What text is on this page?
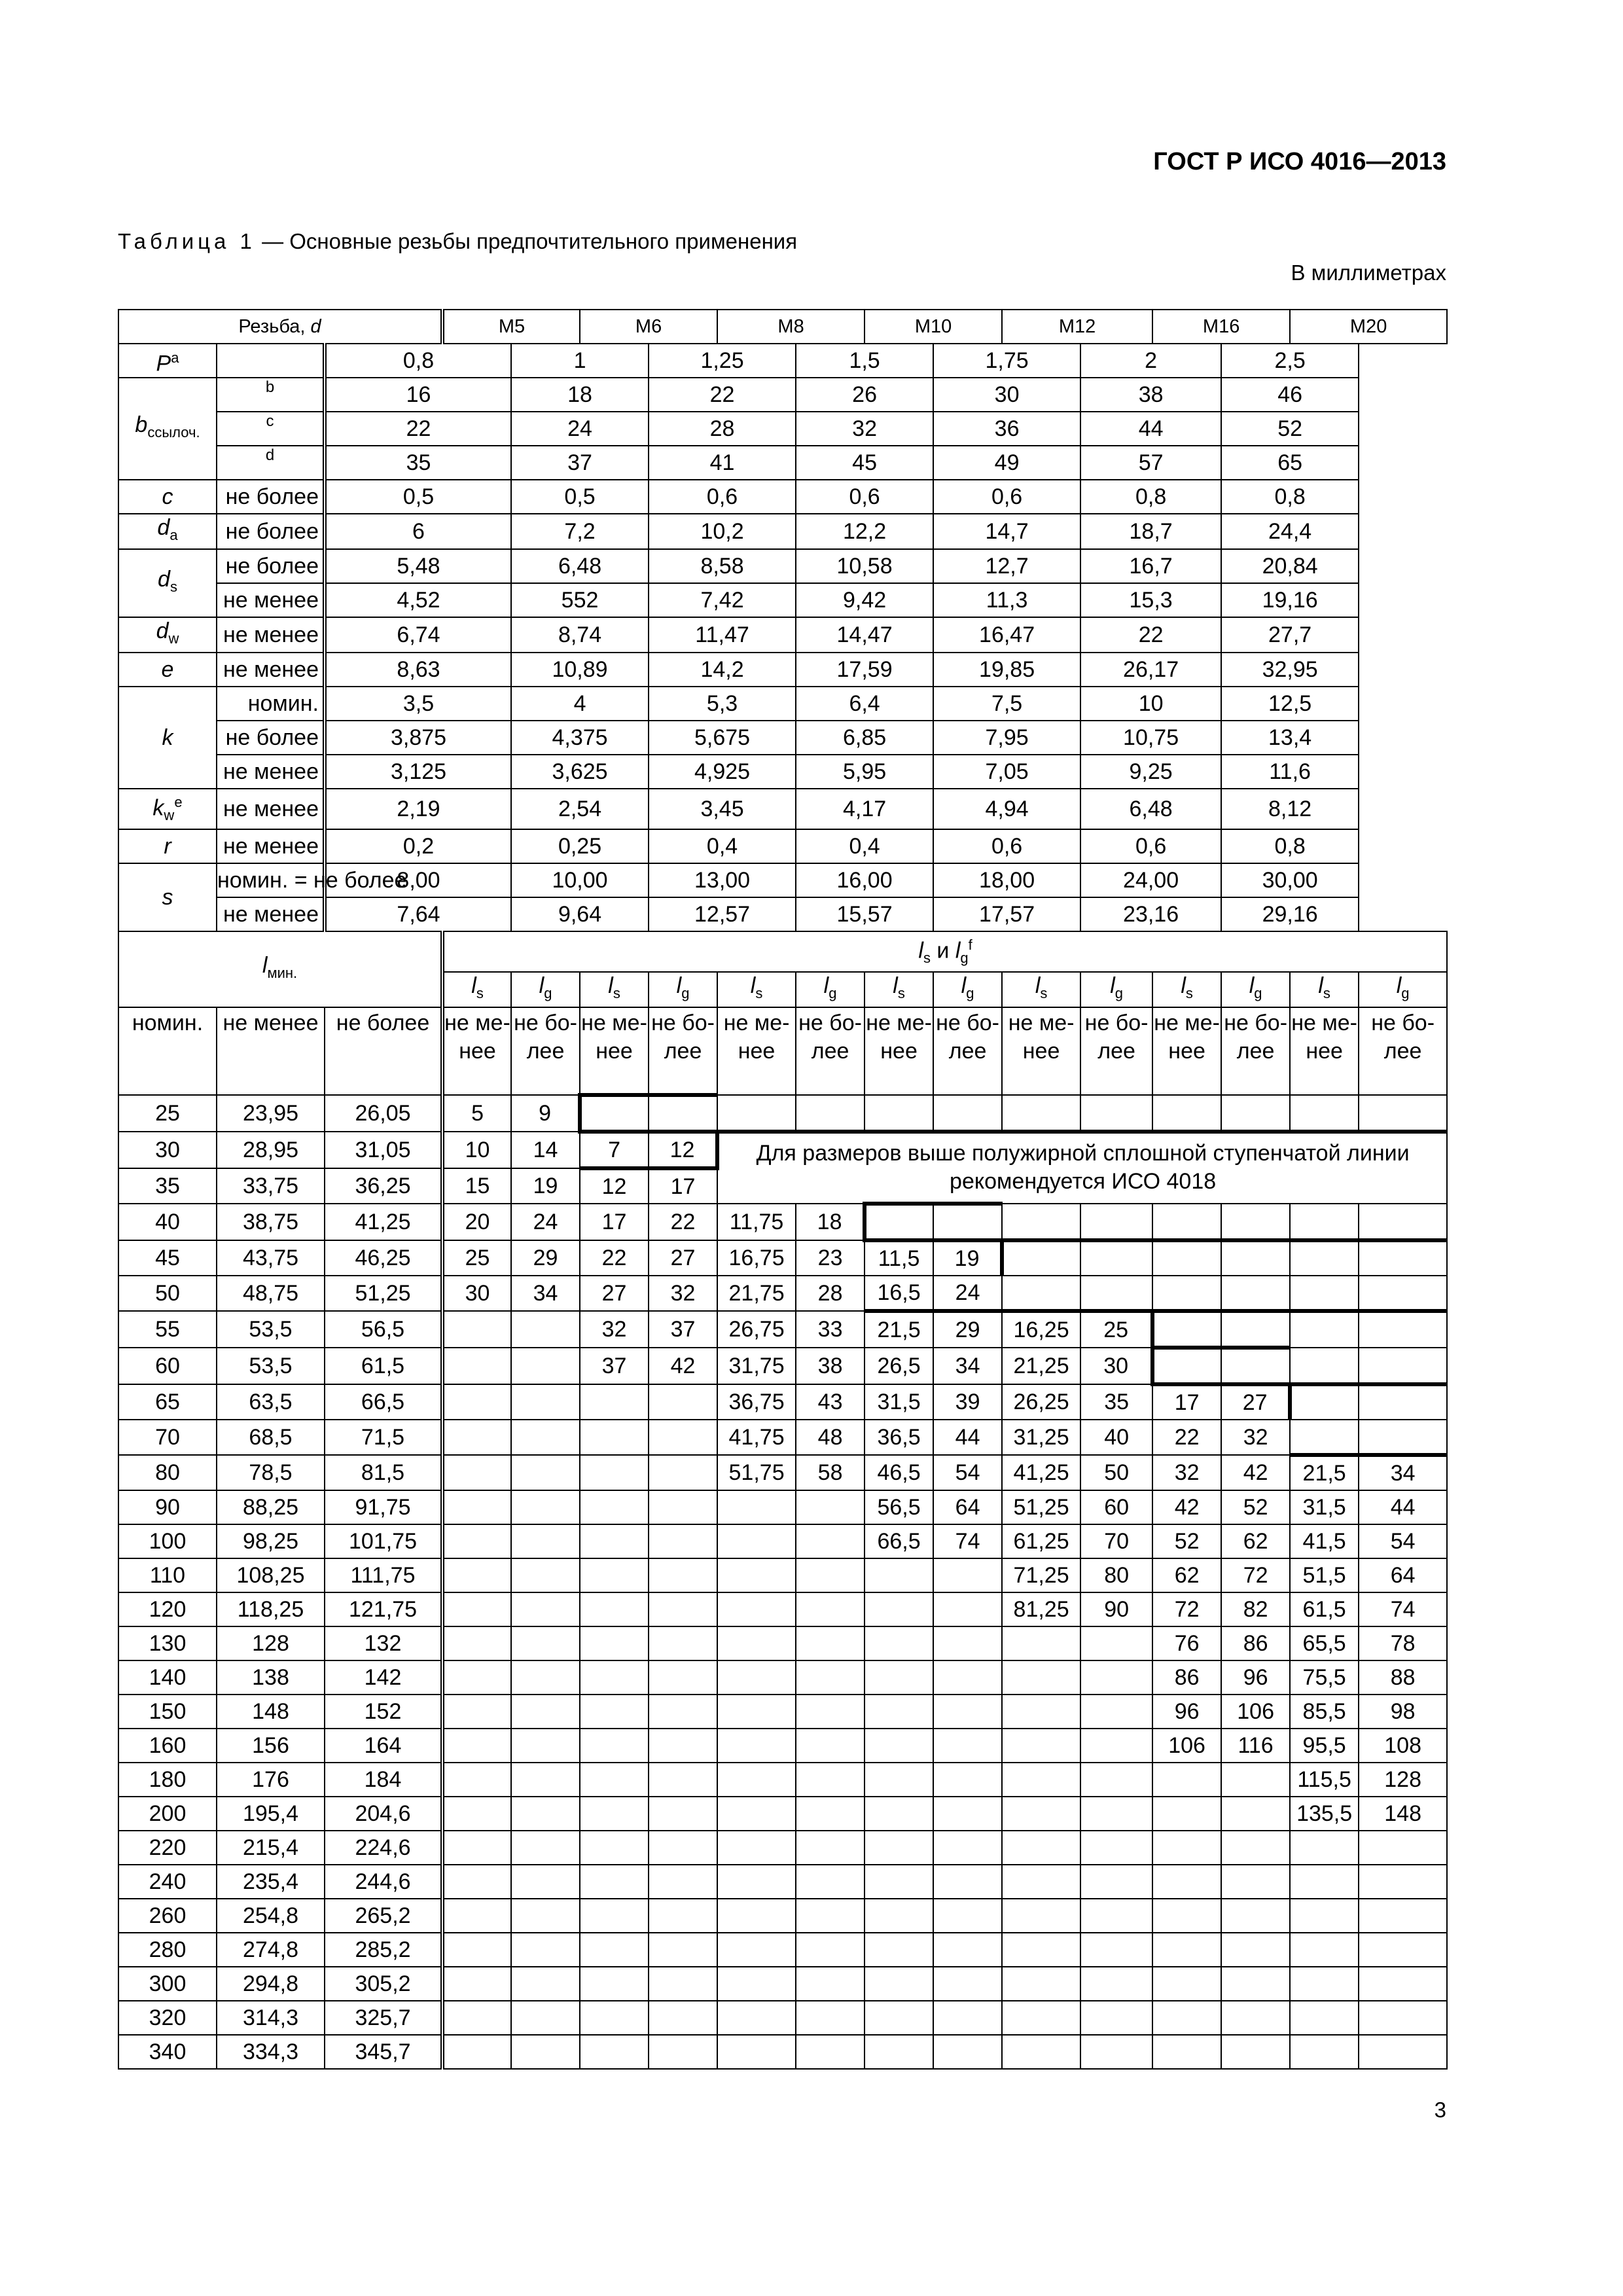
ГОСТ Р ИСО 4016—2013
Таблица 1 — Основные резьбы предпочтительного применения
В миллиметрах
Резьба, d			M5		M6		M8		M10		M12		M16		M20	
$P^a$		0,8		1		1,25		1,5		1,75		2		2,5		
$b_{ссылоч.}$	b	16		18		22		26		30		38		46		
	c	22		24		28		32		36		44		52		
	d	35		37		41		45		49		57		65		
c	не более	0,5		0,5		0,6		0,6		0,6		0,8		0,8		
$d_a$	не более	6		7,2		10,2		12,2		14,7		18,7		24,4		
$d_s$	не более	5,48		6,48		8,58		10,58		12,7		16,7		20,84		
	не менее	4,52		552		7,42		9,42		11,3		15,3		19,16		
$d_w$	не менее	6,74		8,74		11,47		14,47		16,47		22		27,7		
e	не менее	8,63		10,89		14,2		17,59		19,85		26,17		32,95		
k	номин.	3,5		4		5,3		6,4		7,5		10		12,5		
	не более	3,875		4,375		5,675		6,85		7,95		10,75		13,4		
	не менее	3,125		3,625		4,925		5,95		7,05		9,25		11,6		
$k_w^e$	не менее	2,19		2,54		3,45		4,17		4,94		6,48		8,12		
r	не менее	0,2		0,25		0,4		0,4		0,6		0,6		0,8		
s	номин. = не более	8,00		10,00		13,00		16,00		18,00		24,00		30,00		
	не менее	7,64		9,64		12,57		15,57		17,57		23,16		29,16		
$l_{мин.}$			$l_s$ и $l_g^f$
			$l_s$	$l_g$	$l_s$	$l_g$	$l_s$	$l_g$	$l_s$	$l_g$	$l_s$	$l_g$	$l_s$	$l_g$	$l_s$	$l_g$
номин.	не менее	не более	не ме- нее	не бо- лее	не ме- нее	не бо- лее	не ме- нее	не бо- лее	не ме- нее	не бо- лее	не ме- нее	не бо- лее	не ме- нее	не бо- лее	не ме- нее	не бо- лее
25	23,95	26,05	5	9												
30	28,95	31,05	10	14	7	12	Для размеров выше полужирной сплошной ступенчатой линии рекомендуется ИСО 4018									
35	33,75	36,25	15	19	12	17										
40	38,75	41,25	20	24	17	22	11,75	18								
45	43,75	46,25	25	29	22	27	16,75	23	11,5	19						
50	48,75	51,25	30	34	27	32	21,75	28	16,5	24						
55	53,5	56,5			32	37	26,75	33	21,5	29	16,25	25				
60	53,5	61,5			37	42	31,75	38	26,5	34	21,25	30				
65	63,5	66,5					36,75	43	31,5	39	26,25	35	17	27		
70	68,5	71,5					41,75	48	36,5	44	31,25	40	22	32		
80	78,5	81,5					51,75	58	46,5	54	41,25	50	32	42	21,5	34
90	88,25	91,75							56,5	64	51,25	60	42	52	31,5	44
100	98,25	101,75							66,5	74	61,25	70	52	62	41,5	54
110	108,25	111,75									71,25	80	62	72	51,5	64
120	118,25	121,75									81,25	90	72	82	61,5	74
130	128	132											76	86	65,5	78
140	138	142											86	96	75,5	88
150	148	152											96	106	85,5	98
160	156	164											106	116	95,5	108
180	176	184													115,5	128
200	195,4	204,6													135,5	148
220	215,4	224,6														
240	235,4	244,6														
260	254,8	265,2														
280	274,8	285,2														
300	294,8	305,2														
320	314,3	325,7														
340	334,3	345,7														
3
